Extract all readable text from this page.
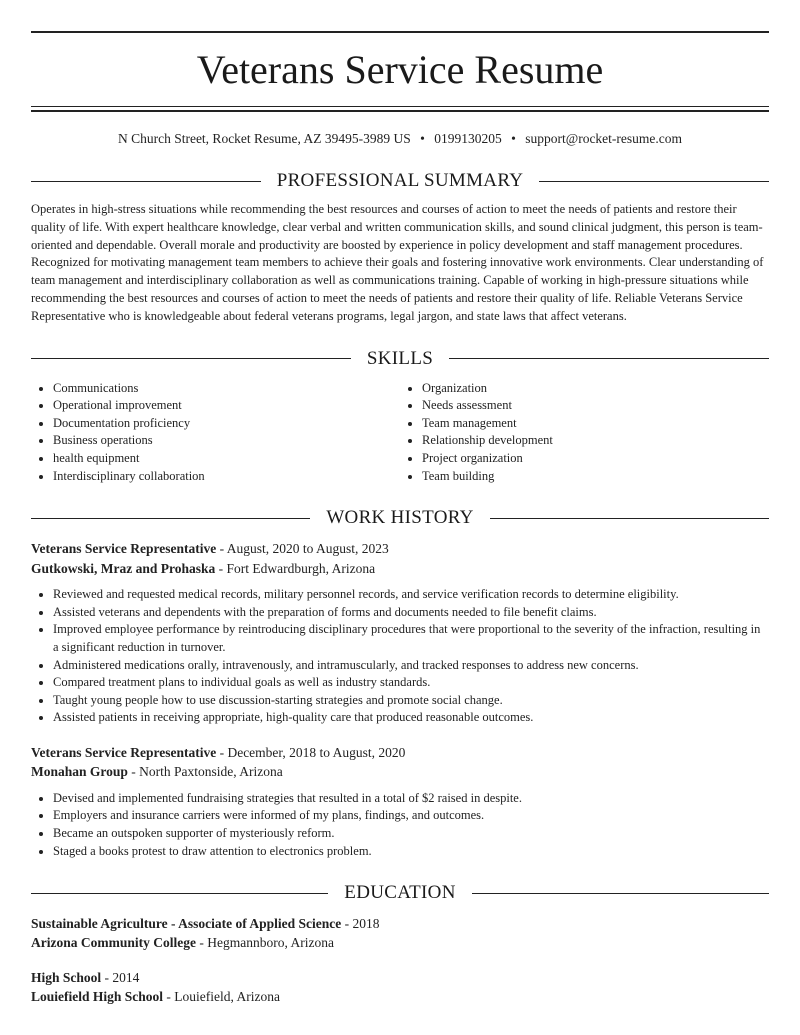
Veterans Service Resume
N Church Street, Rocket Resume, AZ 39495-3989 US • 0199130205 • support@rocket-resume.com
PROFESSIONAL SUMMARY
Operates in high-stress situations while recommending the best resources and courses of action to meet the needs of patients and restore their quality of life. With expert healthcare knowledge, clear verbal and written communication skills, and sound clinical judgment, this person is team-oriented and dependable. Overall morale and productivity are boosted by experience in policy development and staff management procedures. Recognized for motivating management team members to achieve their goals and fostering innovative work environments. Clear understanding of team management and interdisciplinary collaboration as well as communications training. Capable of working in high-pressure situations while recommending the best resources and courses of action to meet the needs of patients and restore their quality of life. Reliable Veterans Service Representative who is knowledgeable about federal veterans programs, legal jargon, and state laws that affect veterans.
SKILLS
• Communications
• Operational improvement
• Documentation proficiency
• Business operations
• health equipment
• Interdisciplinary collaboration
• Organization
• Needs assessment
• Team management
• Relationship development
• Project organization
• Team building
WORK HISTORY
Veterans Service Representative - August, 2020 to August, 2023
Gutkowski, Mraz and Prohaska - Fort Edwardburgh, Arizona
• Reviewed and requested medical records, military personnel records, and service verification records to determine eligibility.
• Assisted veterans and dependents with the preparation of forms and documents needed to file benefit claims.
• Improved employee performance by reintroducing disciplinary procedures that were proportional to the severity of the infraction, resulting in a significant reduction in turnover.
• Administered medications orally, intravenously, and intramuscularly, and tracked responses to address new concerns.
• Compared treatment plans to individual goals as well as industry standards.
• Taught young people how to use discussion-starting strategies and promote social change.
• Assisted patients in receiving appropriate, high-quality care that produced reasonable outcomes.
Veterans Service Representative - December, 2018 to August, 2020
Monahan Group - North Paxtonside, Arizona
• Devised and implemented fundraising strategies that resulted in a total of $2 raised in despite.
• Employers and insurance carriers were informed of my plans, findings, and outcomes.
• Became an outspoken supporter of mysteriously reform.
• Staged a books protest to draw attention to electronics problem.
EDUCATION
Sustainable Agriculture - Associate of Applied Science - 2018
Arizona Community College - Hegmannboro, Arizona
High School - 2014
Louiefield High School - Louiefield, Arizona
